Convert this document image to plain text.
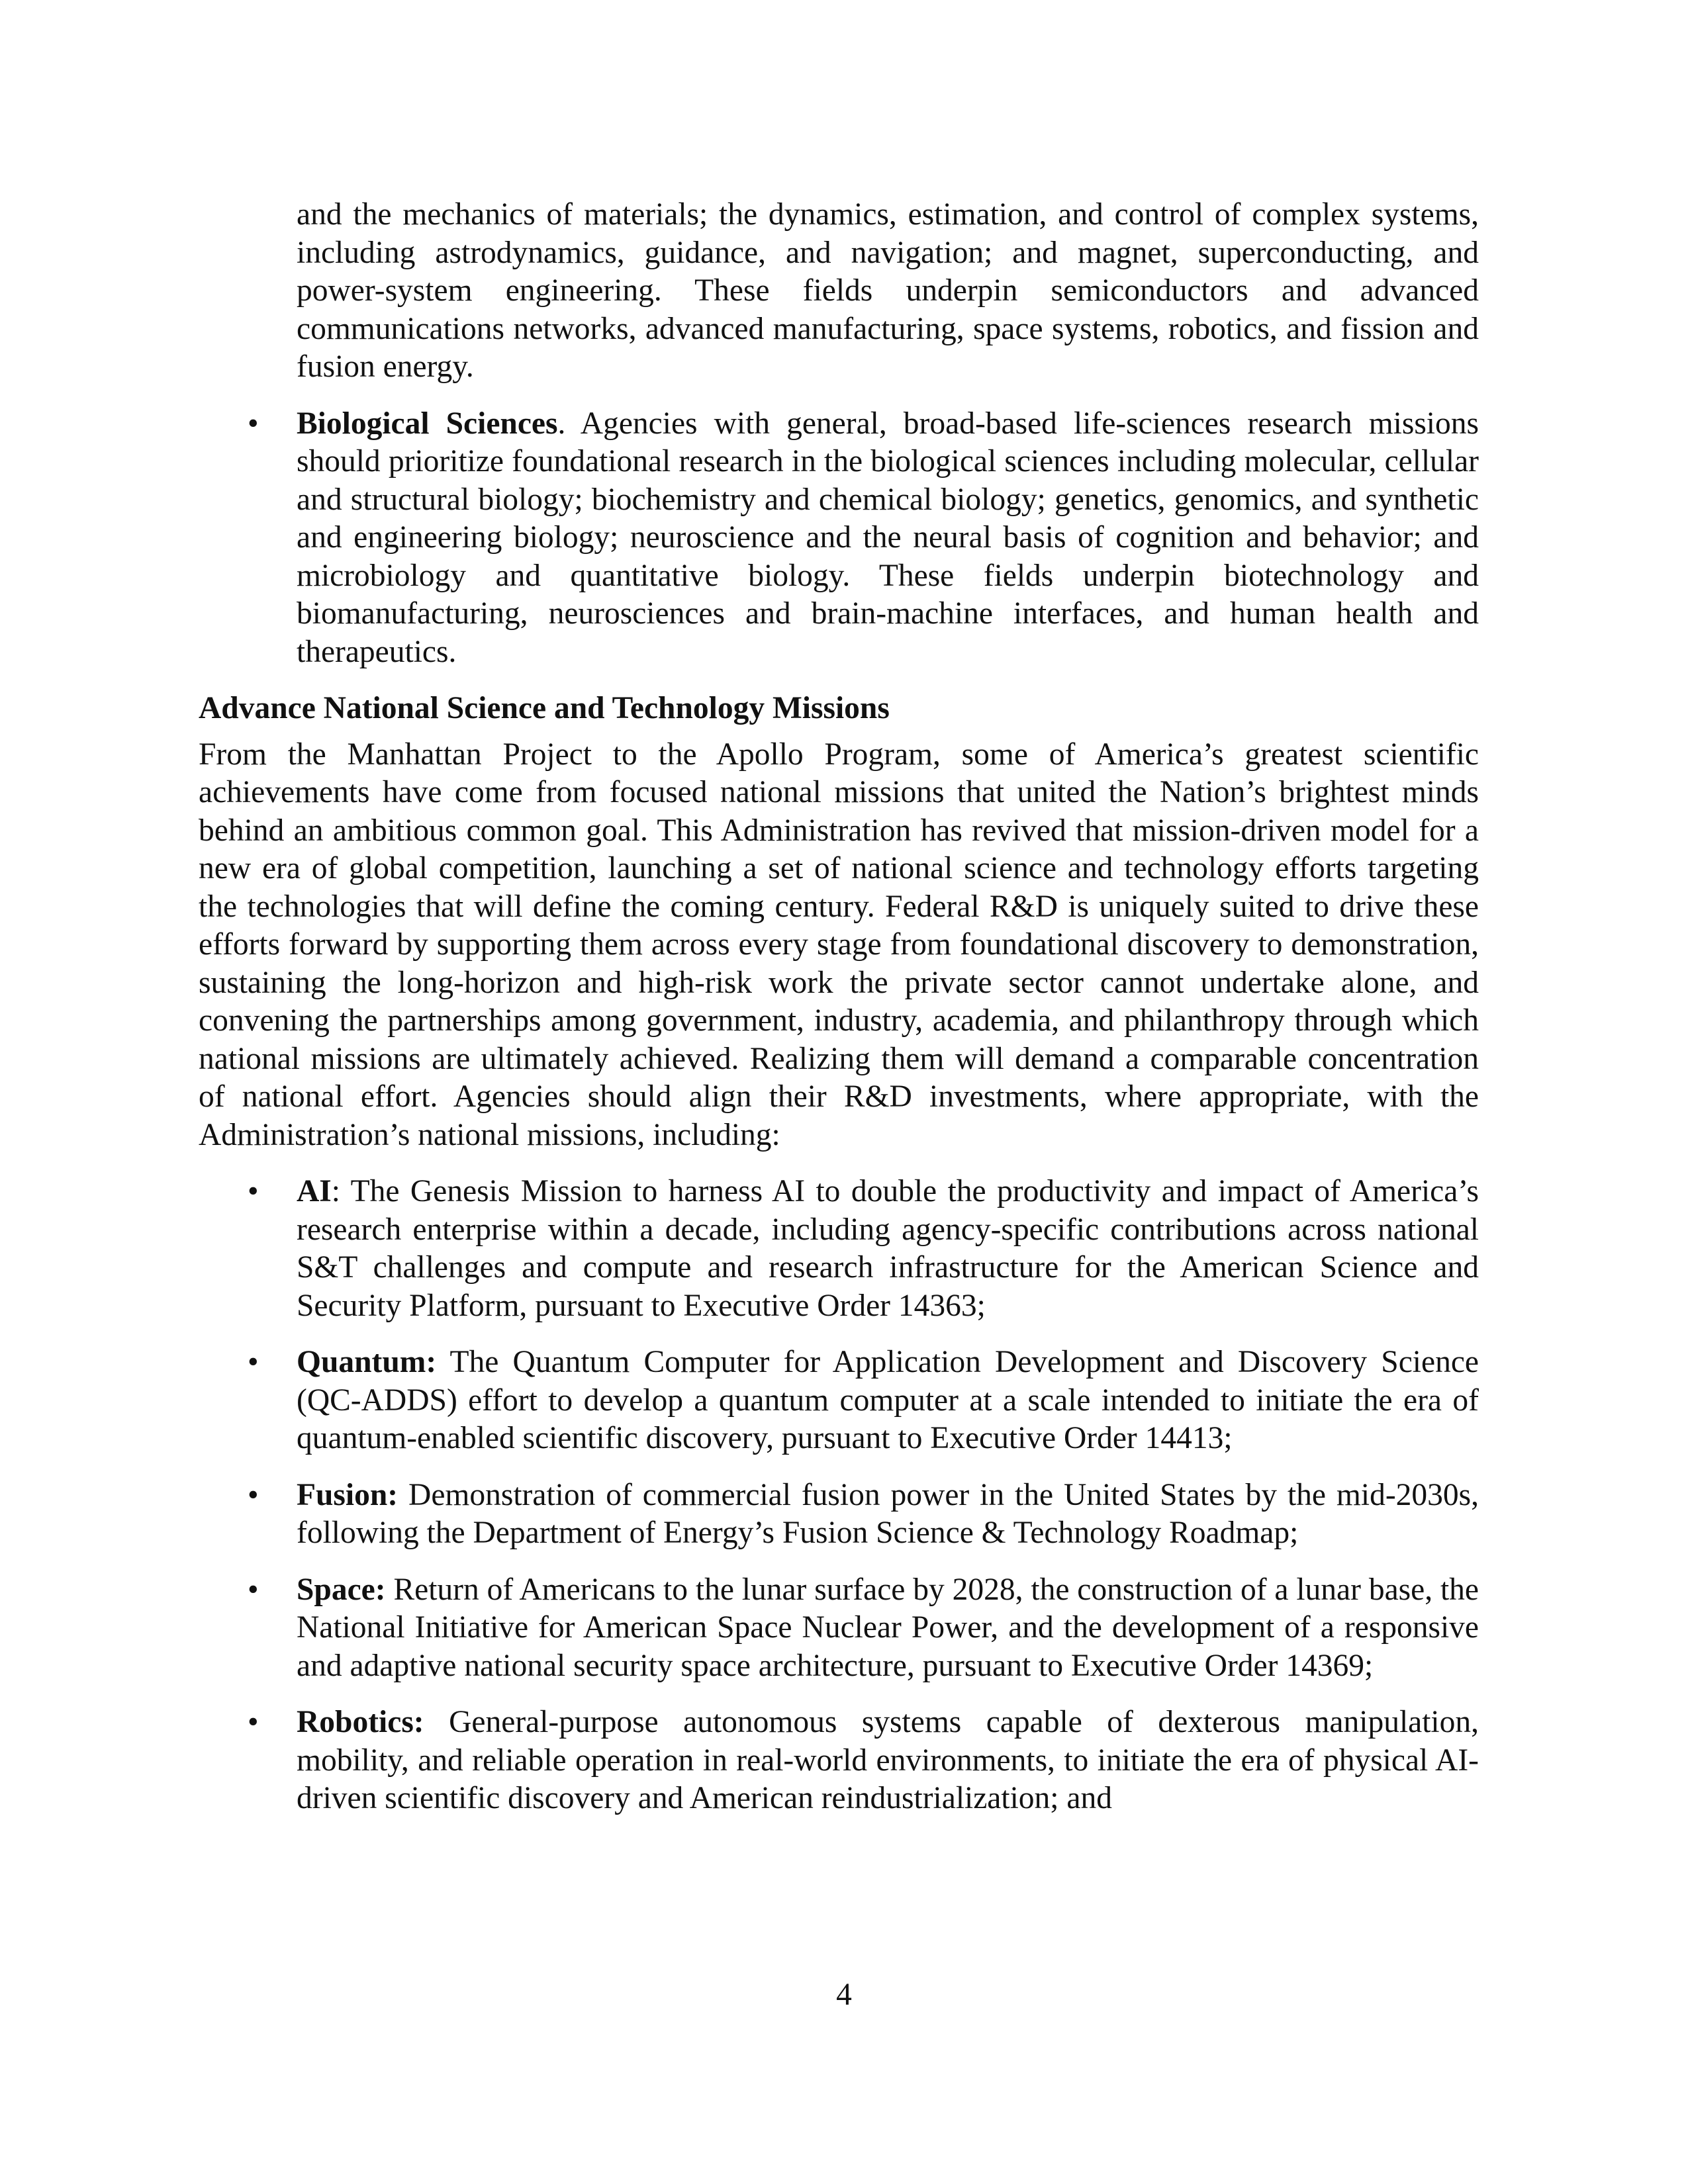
and the mechanics of materials; the dynamics, estimation, and control of complex systems, including astrodynamics, guidance, and navigation; and magnet, superconducting, and power-system engineering. These fields underpin semiconductors and advanced communications networks, advanced manufacturing, space systems, robotics, and fission and fusion energy.

•	Biological Sciences. Agencies with general, broad-based life-sciences research missions should prioritize foundational research in the biological sciences including molecular, cellular and structural biology; biochemistry and chemical biology; genetics, genomics, and synthetic and engineering biology; neuroscience and the neural basis of cognition and behavior; and microbiology and quantitative biology. These fields underpin biotechnology and biomanufacturing, neurosciences and brain-machine interfaces, and human health and therapeutics.
Advance National Science and Technology Missions

From the Manhattan Project to the Apollo Program, some of America’s greatest scientific achievements have come from focused national missions that united the Nation’s brightest minds behind an ambitious common goal. This Administration has revived that mission-driven model for a new era of global competition, launching a set of national science and technology efforts targeting the technologies that will define the coming century. Federal R&D is uniquely suited to drive these efforts forward by supporting them across every stage from foundational discovery to demonstration, sustaining the long-horizon and high-risk work the private sector cannot undertake alone, and convening the partnerships among government, industry, academia, and philanthropy through which national missions are ultimately achieved. Realizing them will demand a comparable concentration of national effort. Agencies should align their R&D investments, where appropriate, with the Administration’s national missions, including:

•	AI: The Genesis Mission to harness AI to double the productivity and impact of America’s research enterprise within a decade, including agency-specific contributions across national S&T challenges and compute and research infrastructure for the American Science and Security Platform, pursuant to Executive Order 14363;
•	Quantum: The Quantum Computer for Application Development and Discovery Science (QC-ADDS) effort to develop a quantum computer at a scale intended to initiate the era of quantum-enabled scientific discovery, pursuant to Executive Order 14413;
•	Fusion: Demonstration of commercial fusion power in the United States by the mid-2030s, following the Department of Energy’s Fusion Science & Technology Roadmap;
•	Space: Return of Americans to the lunar surface by 2028, the construction of a lunar base, the National Initiative for American Space Nuclear Power, and the development of a responsive and adaptive national security space architecture, pursuant to Executive Order 14369;
•	Robotics: General-purpose autonomous systems capable of dexterous manipulation, mobility, and reliable operation in real-world environments, to initiate the era of physical AI-driven scientific discovery and American reindustrialization; and
4
